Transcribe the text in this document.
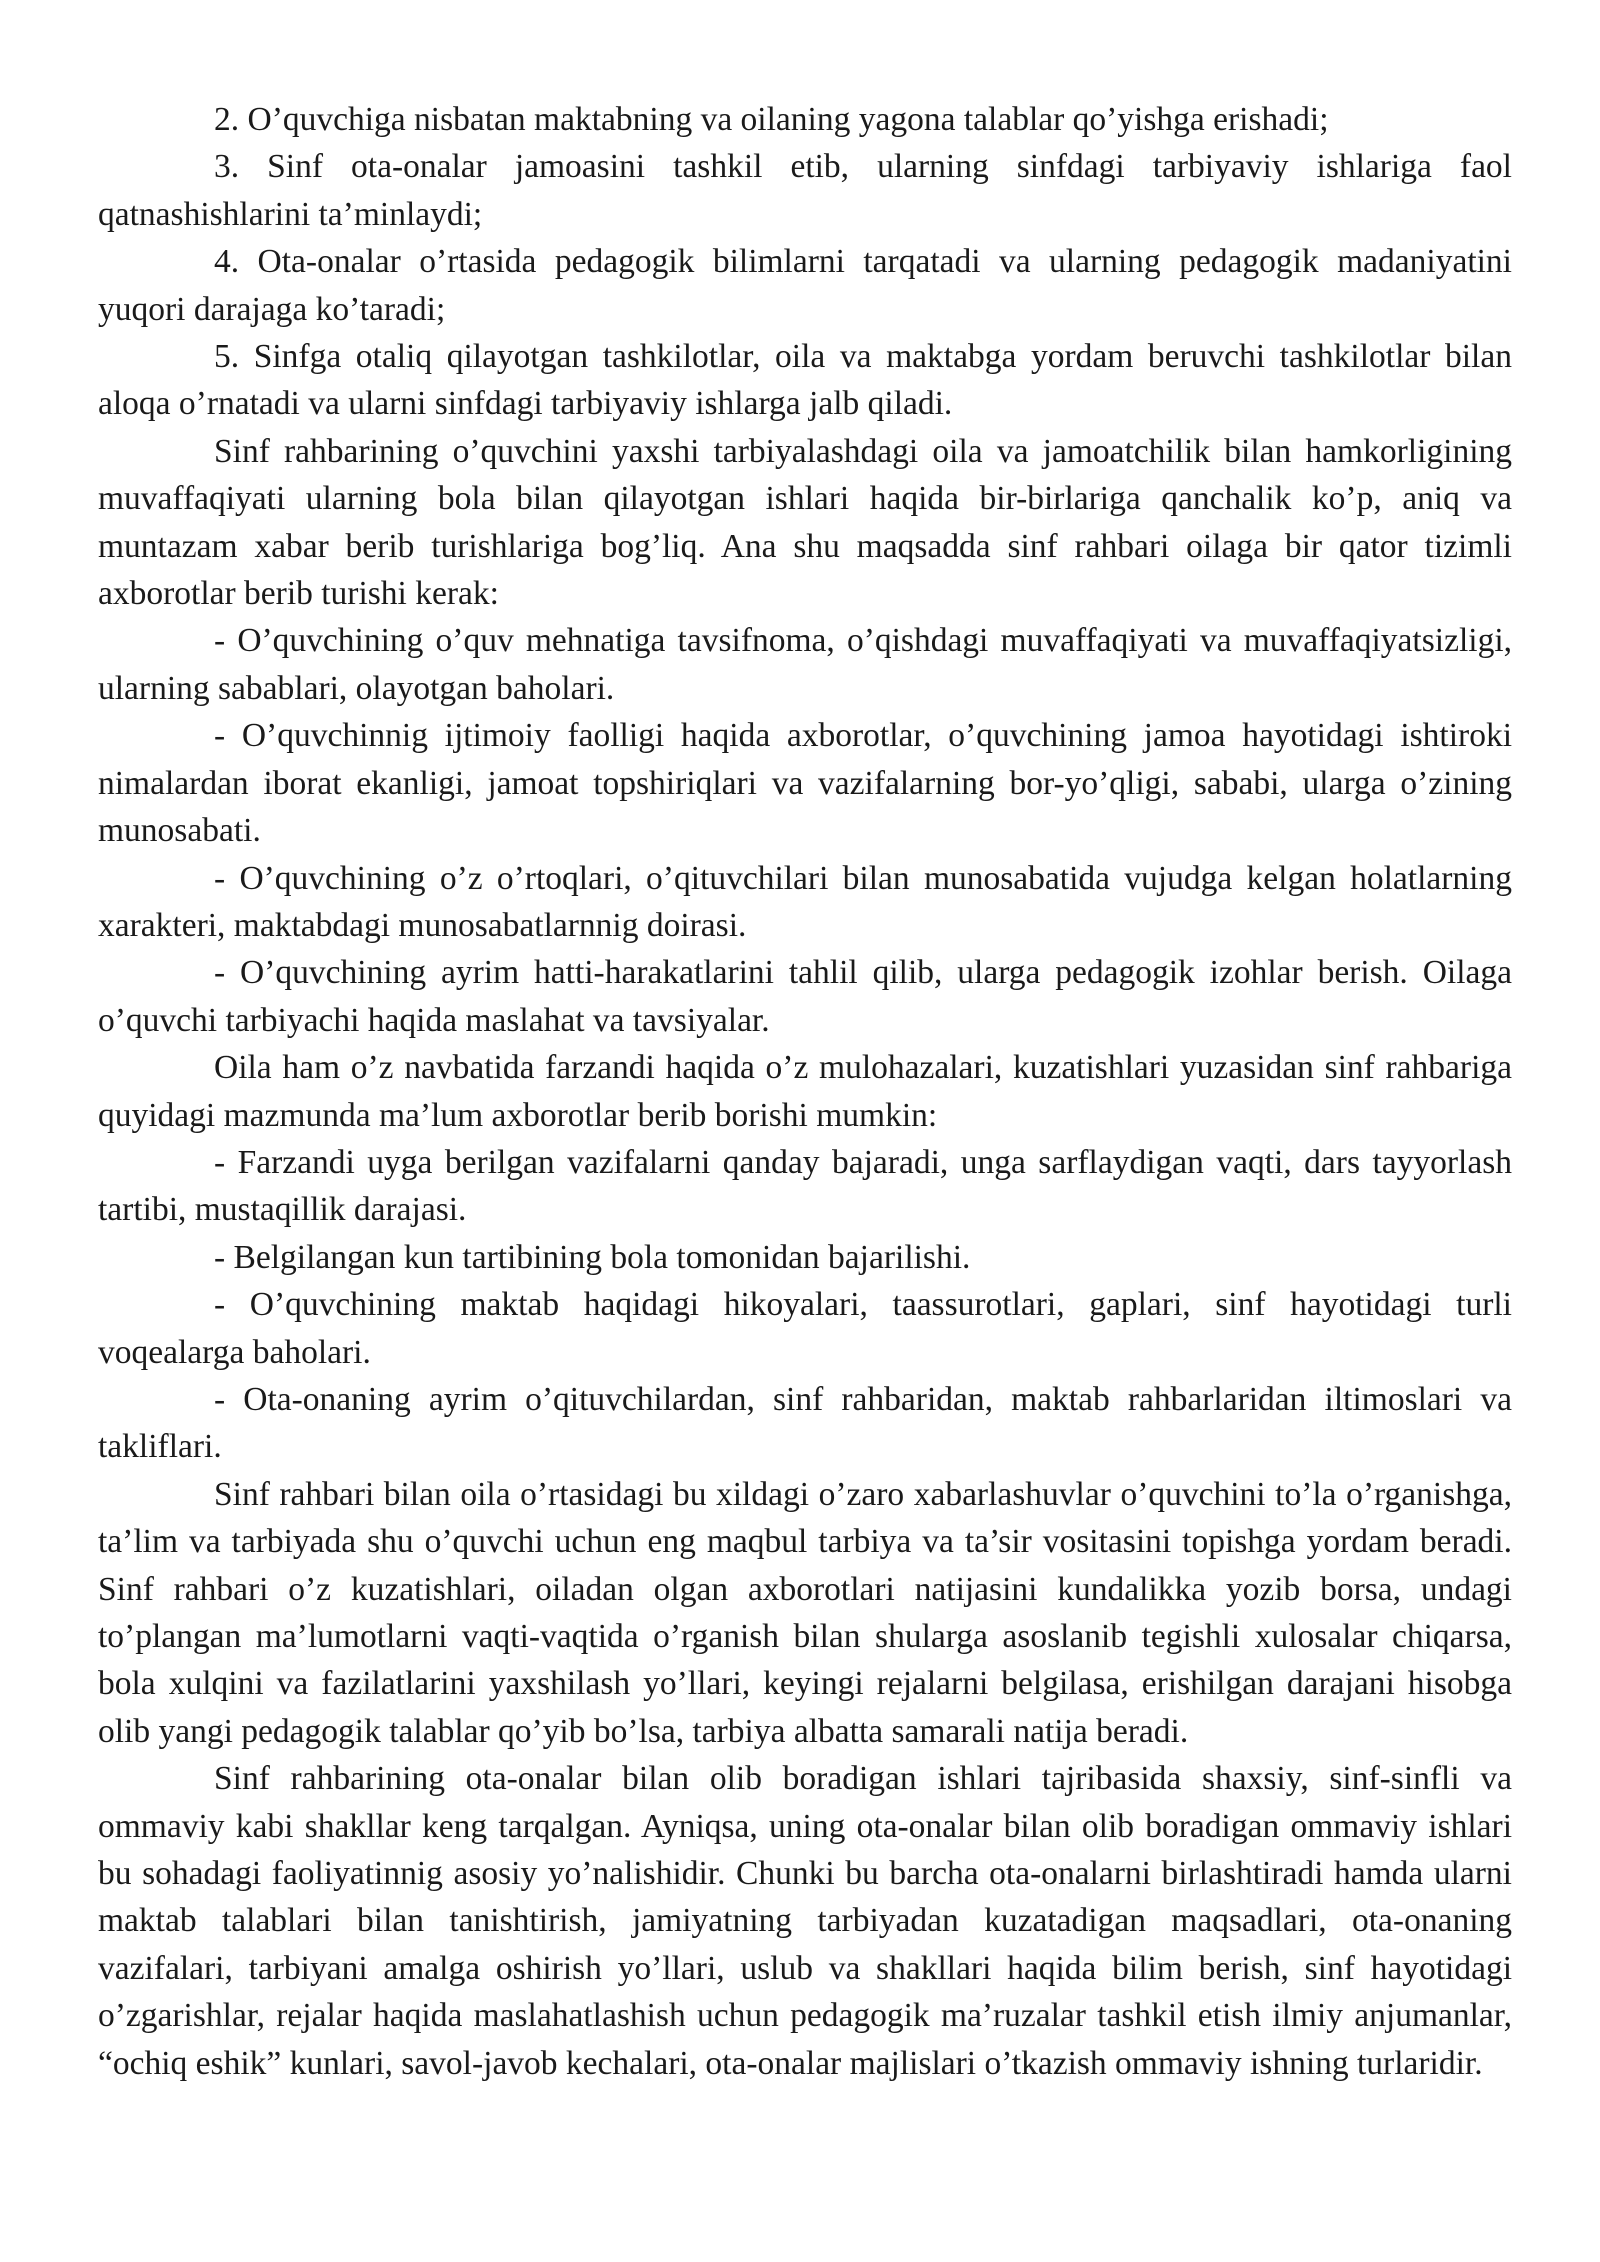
2. O’quvchiga nisbatan maktabning va oilaning yagona talablar qo’yishga erishadi;

3. Sinf ota-onalar jamoasini tashkil etib, ularning sinfdagi tarbiyaviy ishlariga faol qatnashishlarini ta’minlaydi;

4. Ota-onalar o’rtasida pedagogik bilimlarni tarqatadi va ularning pedagogik madaniyatini yuqori darajaga ko’taradi;

5. Sinfga otaliq qilayotgan tashkilotlar, oila va maktabga yordam beruvchi tashkilotlar bilan aloqa o’rnatadi va ularni sinfdagi tarbiyaviy ishlarga jalb qiladi.

Sinf rahbarining o’quvchini yaxshi tarbiyalashdagi oila va jamoatchilik bilan hamkorligining muvaffaqiyati ularning bola bilan qilayotgan ishlari haqida bir-birlariga qanchalik ko’p, aniq va muntazam xabar berib turishlariga bog’liq. Ana shu maqsadda sinf rahbari oilaga bir qator tizimli axborotlar berib turishi kerak:

- O’quvchining o’quv mehnatiga tavsifnoma, o’qishdagi muvaffaqiyati va muvaffaqiyatsizligi, ularning sabablari, olayotgan baholari.

- O’quvchinnig ijtimoiy faolligi haqida axborotlar, o’quvchining jamoa hayotidagi ishtiroki nimalardan iborat ekanligi, jamoat topshiriqlari va vazifalarning bor-yo’qligi, sababi, ularga o’zining munosabati.

- O’quvchining o’z o’rtoqlari, o’qituvchilari bilan munosabatida vujudga kelgan holatlarning xarakteri, maktabdagi munosabatlarnnig doirasi.

- O’quvchining ayrim hatti-harakatlarini tahlil qilib, ularga pedagogik izohlar berish. Oilaga o’quvchi tarbiyachi haqida maslahat va tavsiyalar.

Oila ham o’z navbatida farzandi haqida o’z mulohazalari, kuzatishlari yuzasidan sinf rahbariga quyidagi mazmunda ma’lum axborotlar berib borishi mumkin:

- Farzandi uyga berilgan vazifalarni qanday bajaradi, unga sarflaydigan vaqti, dars tayyorlash tartibi, mustaqillik darajasi.

- Belgilangan kun tartibining bola tomonidan bajarilishi.

- O’quvchining maktab haqidagi hikoyalari, taassurotlari, gaplari, sinf hayotidagi turli voqealarga baholari.

- Ota-onaning ayrim o’qituvchilardan, sinf rahbaridan, maktab rahbarlaridan iltimoslari va takliflari.

Sinf rahbari bilan oila o’rtasidagi bu xildagi o’zaro xabarlashuvlar o’quvchini to’la o’rganishga, ta’lim va tarbiyada shu o’quvchi uchun eng maqbul tarbiya va ta’sir vositasini topishga yordam beradi. Sinf rahbari o’z kuzatishlari, oiladan olgan axborotlari natijasini kundalikka yozib borsa, undagi to’plangan ma’lumotlarni vaqti-vaqtida o’rganish bilan shularga asoslanib tegishli xulosalar chiqarsa, bola xulqini va fazilatlarini yaxshilash yo’llari, keyingi rejalarni belgilasa, erishilgan darajani hisobga olib yangi pedagogik talablar qo’yib bo’lsa, tarbiya albatta samarali natija beradi.

Sinf rahbarining ota-onalar bilan olib boradigan ishlari tajribasida shaxsiy, sinf-sinfli va ommaviy kabi shakllar keng tarqalgan. Ayniqsa, uning ota-onalar bilan olib boradigan ommaviy ishlari bu sohadagi faoliyatinnig asosiy yo’nalishidir. Chunki bu barcha ota-onalarni birlashtiradi hamda ularni maktab talablari bilan tanishtirish, jamiyatning tarbiyadan kuzatadigan maqsadlari, ota-onaning vazifalari, tarbiyani amalga oshirish yo’llari, uslub va shakllari haqida bilim berish, sinf hayotidagi o’zgarishlar, rejalar haqida maslahatlashish uchun pedagogik ma’ruzalar tashkil etish ilmiy anjumanlar, “ochiq eshik” kunlari, savol-javob kechalari, ota-onalar majlislari o’tkazish ommaviy ishning turlaridir.
